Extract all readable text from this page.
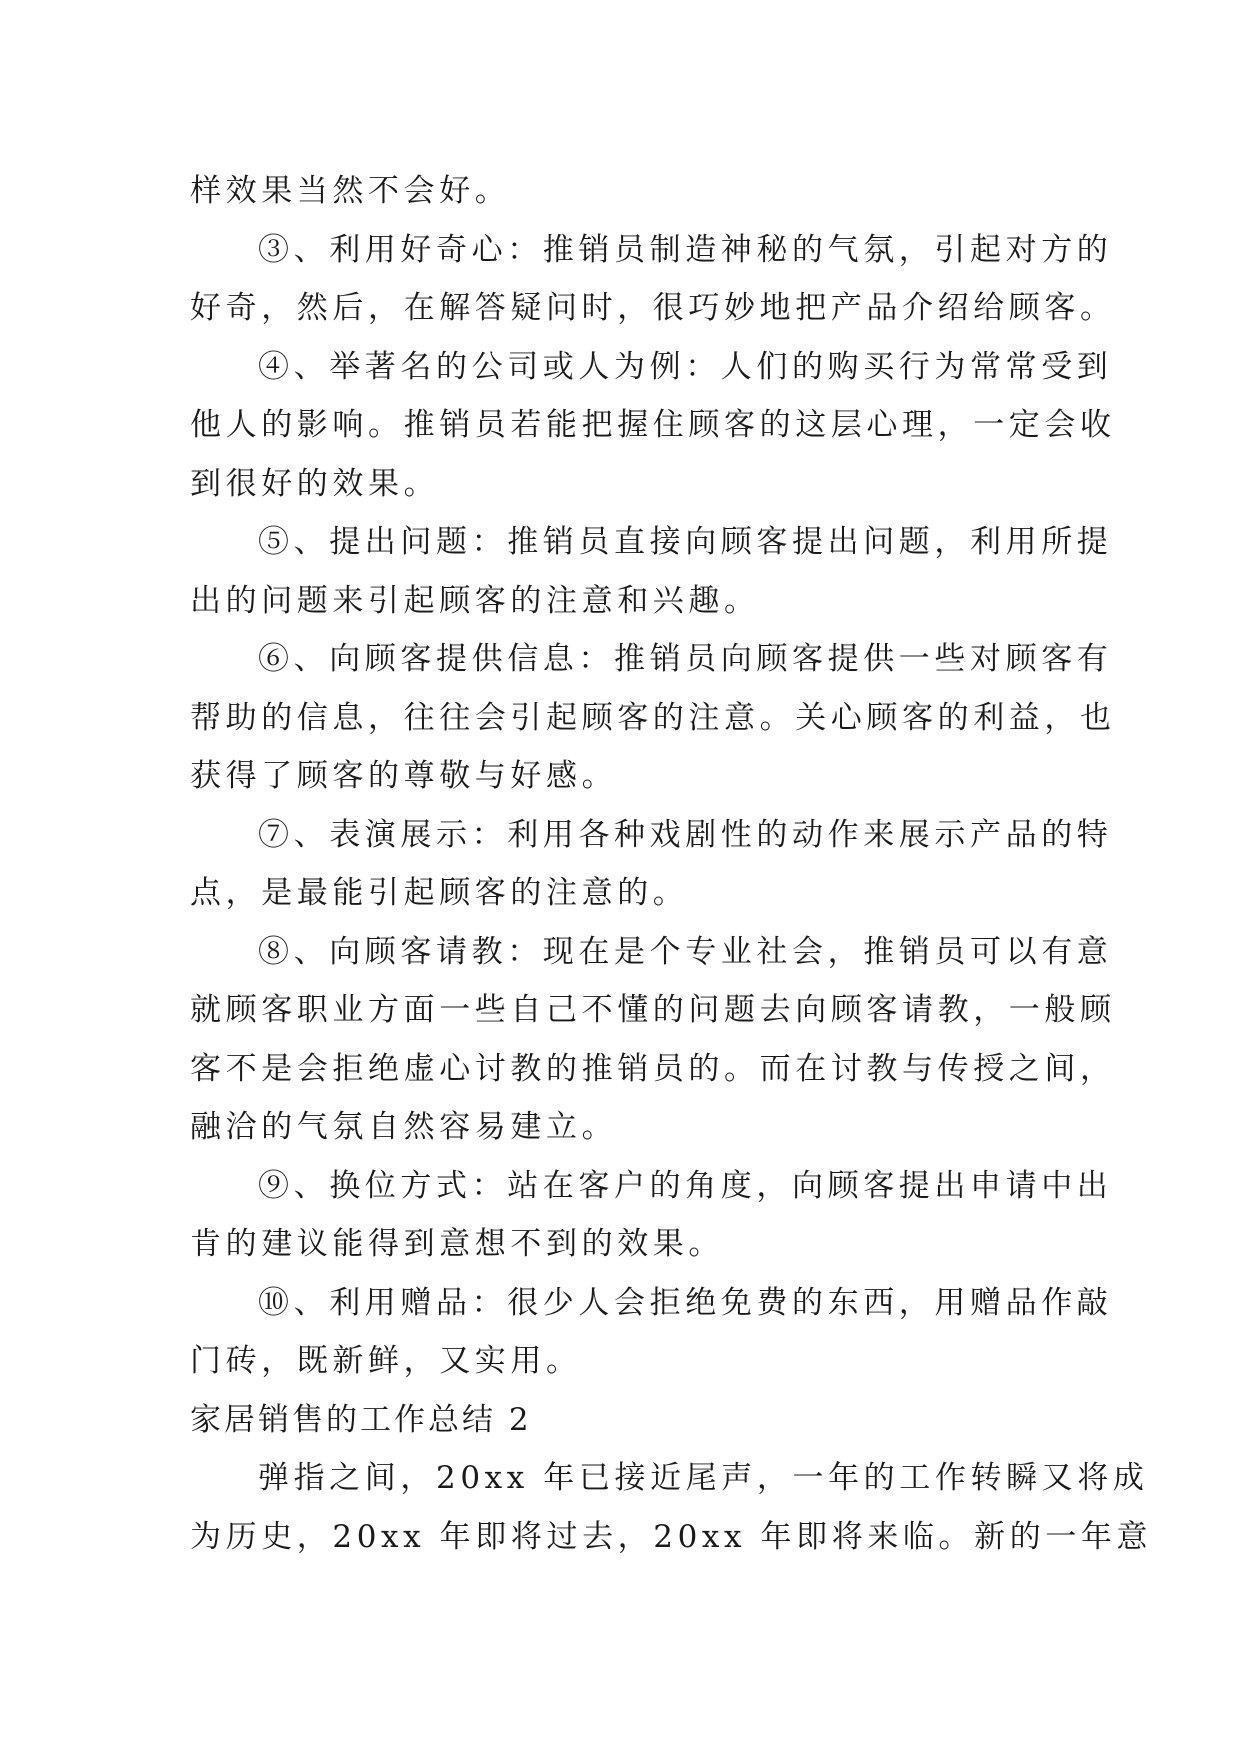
样效果当然不会好。
③、利用好奇心：推销员制造神秘的气氛，引起对方的
好奇，然后，在解答疑问时，很巧妙地把产品介绍给顾客。
④、举著名的公司或人为例：人们的购买行为常常受到
他人的影响。推销员若能把握住顾客的这层心理，一定会收
到很好的效果。
⑤、提出问题：推销员直接向顾客提出问题，利用所提
出的问题来引起顾客的注意和兴趣。
⑥、向顾客提供信息：推销员向顾客提供一些对顾客有
帮助的信息，往往会引起顾客的注意。关心顾客的利益，也
获得了顾客的尊敬与好感。
⑦、表演展示：利用各种戏剧性的动作来展示产品的特
点，是最能引起顾客的注意的。
⑧、向顾客请教：现在是个专业社会，推销员可以有意
就顾客职业方面一些自己不懂的问题去向顾客请教，一般顾
客不是会拒绝虚心讨教的推销员的。而在讨教与传授之间，
融洽的气氛自然容易建立。
⑨、换位方式：站在客户的角度，向顾客提出申请中出
肯的建议能得到意想不到的效果。
⑩、利用赠品：很少人会拒绝免费的东西，用赠品作敲
门砖，既新鲜，又实用。
家居销售的工作总结 2
弹指之间，20xx 年已接近尾声，一年的工作转瞬又将成
为历史，20xx 年即将过去，20xx 年即将来临。新的一年意
